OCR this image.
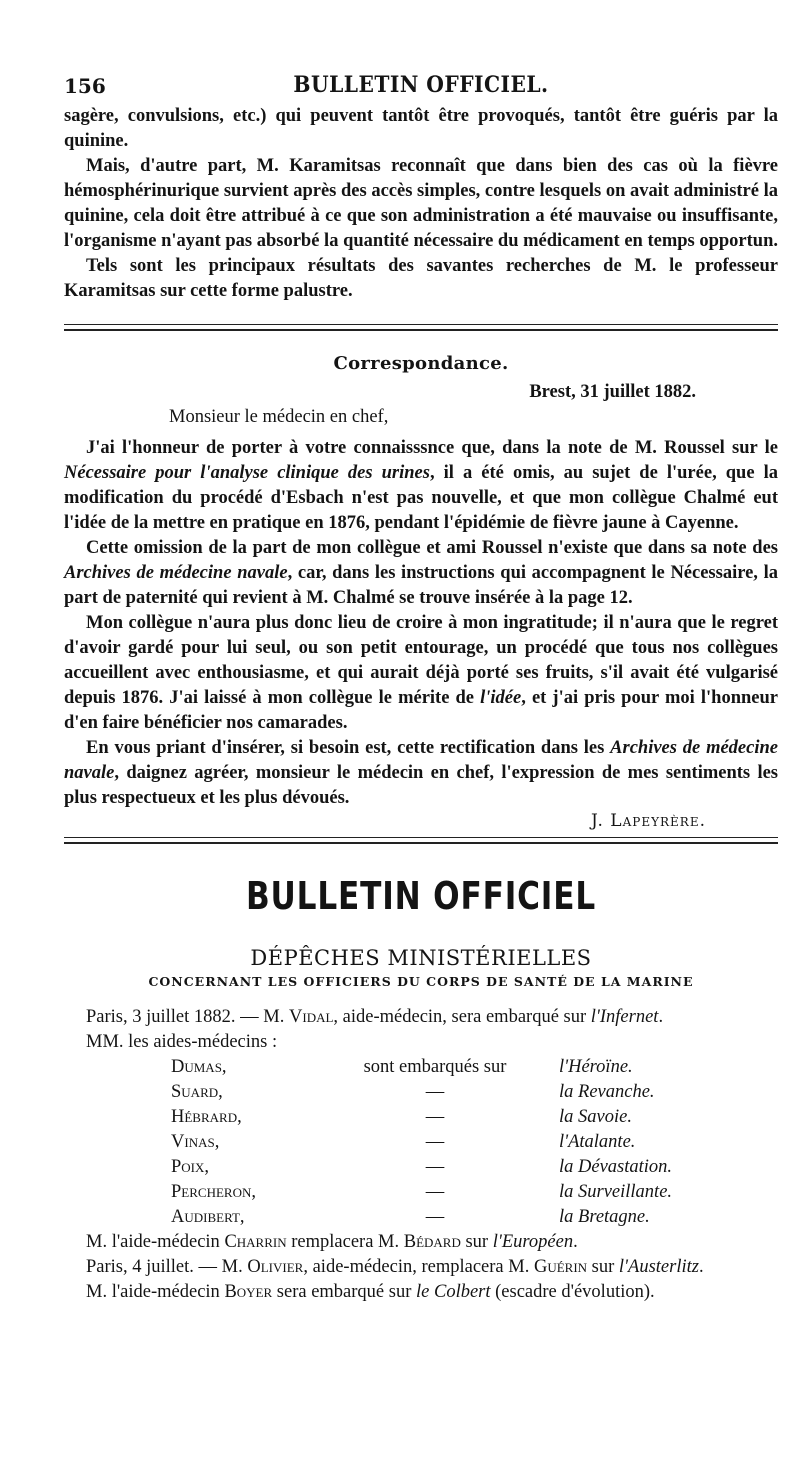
156	BULLETIN OFFICIEL.

sagère, convulsions, etc.) qui peuvent tantôt être provoqués, tantôt être guéris par la quinine.

Mais, d'autre part, M. Karamitsas reconnaît que dans bien des cas où la fièvre hémosphérinurique survient après des accès simples, contre lesquels on avait administré la quinine, cela doit être attribué à ce que son administration a été mauvaise ou insuffisante, l'organisme n'ayant pas absorbé la quantité nécessaire du médicament en temps opportun.

Tels sont les principaux résultats des savantes recherches de M. le professeur Karamitsas sur cette forme palustre.

Correspondance.

Brest, 31 juillet 1882.

Monsieur le médecin en chef,

J'ai l'honneur de porter à votre connaisssnce que, dans la note de M. Roussel sur le Nécessaire pour l'analyse clinique des urines, il a été omis, au sujet de l'urée, que la modification du procédé d'Esbach n'est pas nouvelle, et que mon collègue Chalmé eut l'idée de la mettre en pratique en 1876, pendant l'épidémie de fièvre jaune à Cayenne.

Cette omission de la part de mon collègue et ami Roussel n'existe que dans sa note des Archives de médecine navale, car, dans les instructions qui accompagnent le Nécessaire, la part de paternité qui revient à M. Chalmé se trouve insérée à la page 12.

Mon collègue n'aura plus donc lieu de croire à mon ingratitude; il n'aura que le regret d'avoir gardé pour lui seul, ou son petit entourage, un procédé que tous nos collègues accueillent avec enthousiasme, et qui aurait déjà porté ses fruits, s'il avait été vulgarisé depuis 1876. J'ai laissé à mon collègue le mérite de l'idée, et j'ai pris pour moi l'honneur d'en faire bénéficier nos camarades.

En vous priant d'insérer, si besoin est, cette rectification dans les Archives de médecine navale, daignez agréer, monsieur le médecin en chef, l'expression de mes sentiments les plus respectueux et les plus dévoués.

J. Lapeyrère.
BULLETIN OFFICIEL
DÉPÊCHES MINISTÉRIELLES
CONCERNANT LES OFFICIERS DU CORPS DE SANTÉ DE LA MARINE

Paris, 3 juillet 1882. — M. Vidal, aide-médecin, sera embarqué sur l'Infernet.

MM. les aides-médecins :

Dumas,	sont embarqués sur	l'Héroïne.
Suard,	—	la Revanche.
Hébrard,	—	la Savoie.
Vinas,	—	l'Atalante.
Poix,	—	la Dévastation.
Percheron,	—	la Surveillante.
Audibert,	—	la Bretagne.

M. l'aide-médecin Charrin remplacera M. Bédard sur l'Européen.

Paris, 4 juillet. — M. Olivier, aide-médecin, remplacera M. Guérin sur l'Austerlitz.

M. l'aide-médecin Boyer sera embarqué sur le Colbert (escadre d'évolution).
